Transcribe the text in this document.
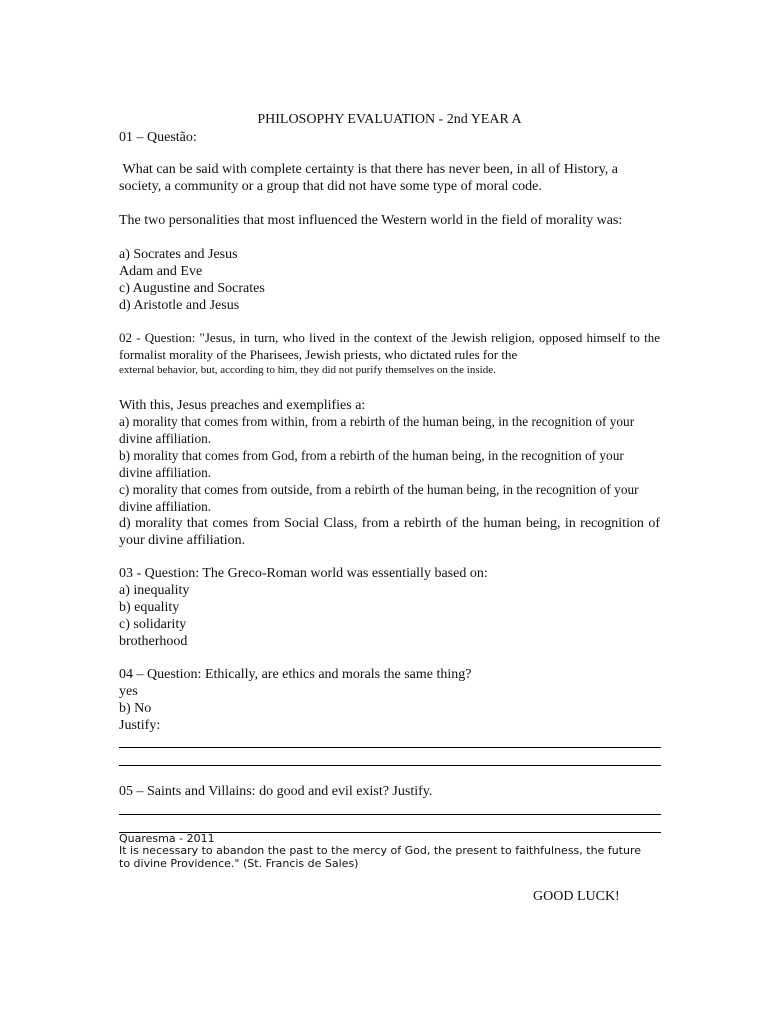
PHILOSOPHY EVALUATION - 2nd YEAR A
01 – Questão:

What can be said with complete certainty is that there has never been, in all of History, a society, a community or a group that did not have some type of moral code.

The two personalities that most influenced the Western world in the field of morality was:

a) Socrates and Jesus
Adam and Eve
c) Augustine and Socrates
d) Aristotle and Jesus

02 - Question: "Jesus, in turn, who lived in the context of the Jewish religion, opposed himself to the formalist morality of the Pharisees, Jewish priests, who dictated rules for the

external behavior, but, according to him, they did not purify themselves on the inside.
With this, Jesus preaches and exemplifies a:
a) morality that comes from within, from a rebirth of the human being, in the recognition of your divine affiliation.
b) morality that comes from God, from a rebirth of the human being, in the recognition of your divine affiliation.
c) morality that comes from outside, from a rebirth of the human being, in the recognition of your divine affiliation.
d) morality that comes from Social Class, from a rebirth of the human being, in recognition of your divine affiliation.
03 - Question: The Greco-Roman world was essentially based on:
a) inequality
b) equality
c) solidarity
brotherhood
04 – Question: Ethically, are ethics and morals the same thing?
yes
b) No
Justify:
05 – Saints and Villains: do good and evil exist? Justify.
Quaresma - 2011

It is necessary to abandon the past to the mercy of God, the present to faithfulness, the future to divine Providence." (St. Francis de Sales)

GOOD LUCK!
